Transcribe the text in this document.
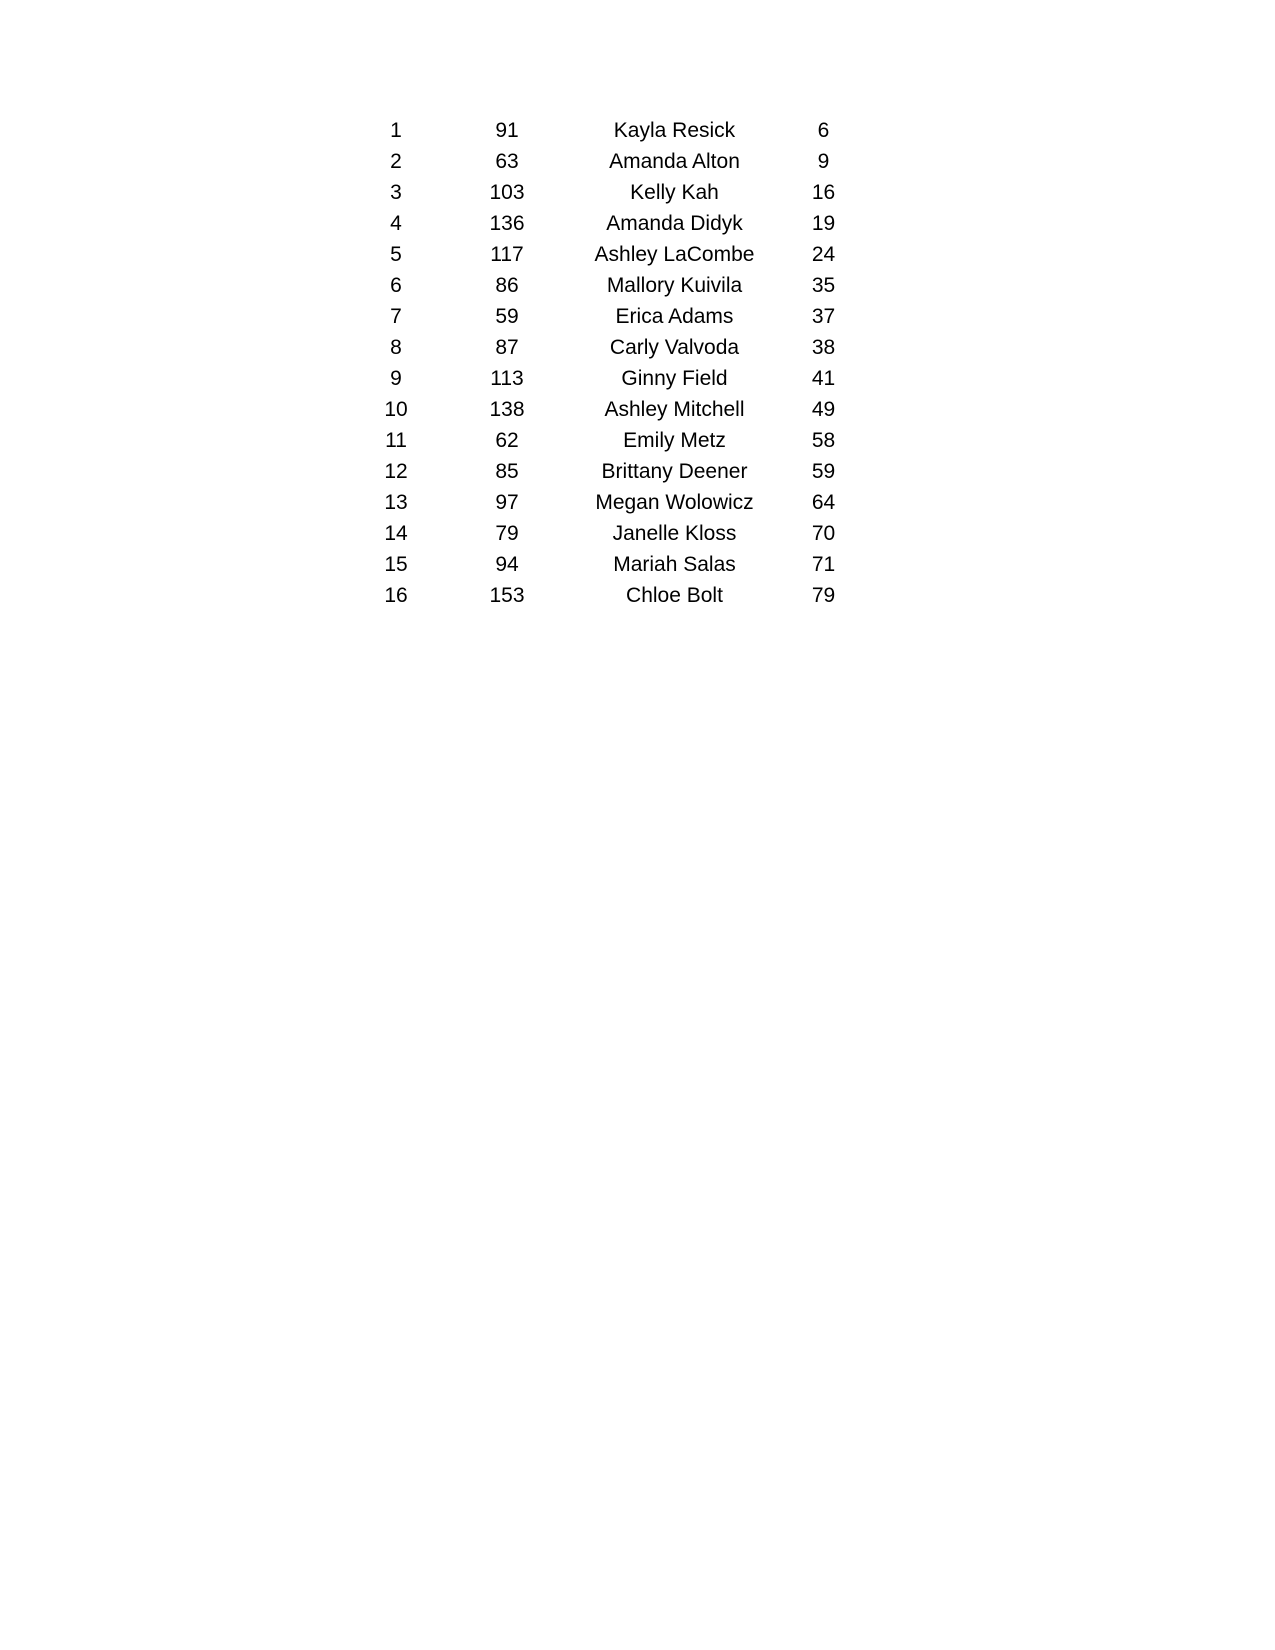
1	91	Kayla Resick	6
2	63	Amanda Alton	9
3	103	Kelly Kah	16
4	136	Amanda Didyk	19
5	117	Ashley LaCombe	24
6	86	Mallory Kuivila	35
7	59	Erica Adams	37
8	87	Carly Valvoda	38
9	113	Ginny Field	41
10	138	Ashley Mitchell	49
11	62	Emily Metz	58
12	85	Brittany Deener	59
13	97	Megan Wolowicz	64
14	79	Janelle Kloss	70
15	94	Mariah Salas	71
16	153	Chloe Bolt	79
